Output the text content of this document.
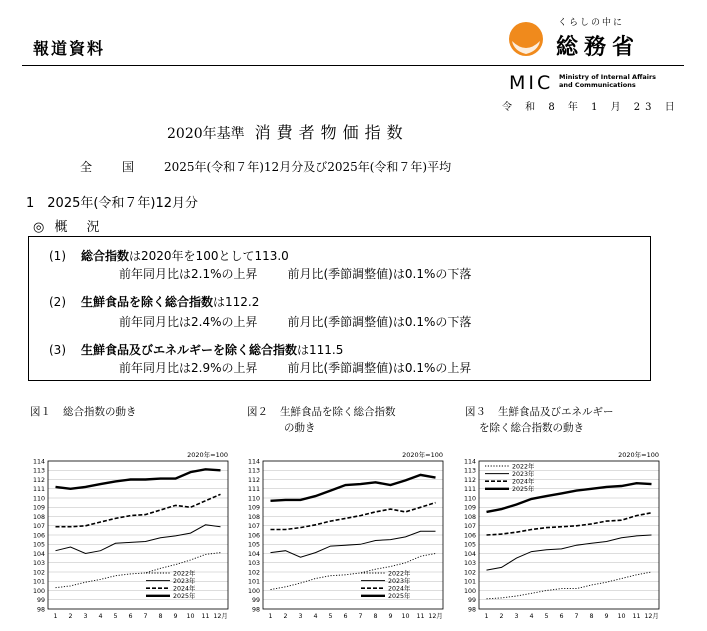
報道資料
くらしの中に
総務省
MIC Ministry of Internal Affairs
and Communications
令 和 8 年 1 月 23 日
2020年基準 消費者物価指数
全国2025年(令和７年)12月分及び2025年(令和７年)平均
1　2025年(令和７年)12月分
◎ 概　況
(1) 総合指数は2020年を100として113.0
前年同月比は2.1%の上昇	前月比(季節調整値)は0.1%の下落
(2) 生鮮食品を除く総合指数は112.2
前年同月比は2.4%の上昇	前月比(季節調整値)は0.1%の下落
(3) 生鮮食品及びエネルギーを除く総合指数は111.5
前年同月比は2.9%の上昇	前月比(季節調整値)は0.1%の上昇
図１ 総合指数の動き	図２ 生鮮食品を除く総合指数
の動き
図３ 生鮮食品及びエネルギー
を除く総合指数の動き
2020年=100
98
99
100
101
102
103
104
105
106
107
108
109
110
111
112
113
114
1 2 3 4 5 6 7 8 9 10 11 12月
2022年
2023年
2024年
2025年
2020年=100
98
99
100
101
102
103
104
105
106
107
108
109
110
111
112
113
114
1 2 3 4 5 6 7 8 9 10 11 12月
2022年
2023年
2024年
2025年
2020年=100
98
99
100
101
102
103
104
105
106
107
108
109
110
111
112
113
114
1 2 3 4 5 6 7 8 9 10 11 12月
2022年
2023年
2024年
2025年
